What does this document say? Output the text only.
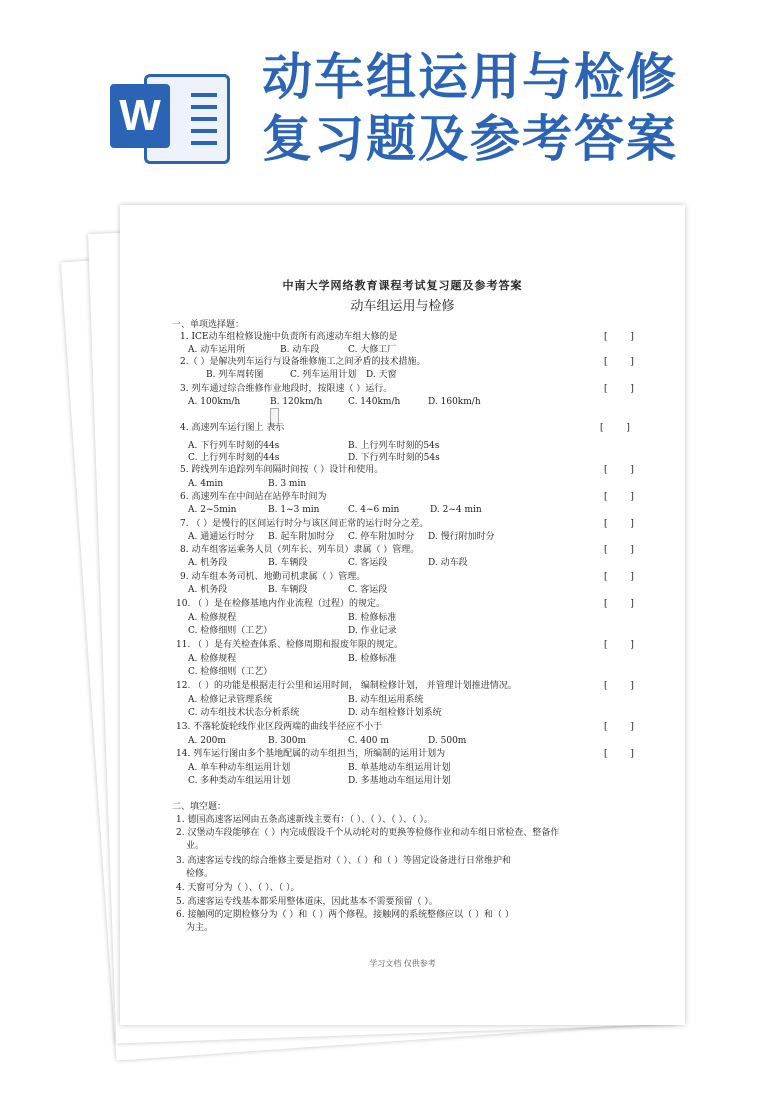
W
动车组运用与检修
复习题及参考答案
中南大学网络教育课程考试复习题及参考答案
动车组运用与检修
一、单项选择题：
1. ICE动车组检修设施中负责所有高速动车组大修的是	[        ]
A. 动车运用所	B. 动车段	C. 大修工厂
2.（ ）是解决列车运行与设备维修施工之间矛盾的技术措施。	[        ]
B. 列车周转图	C. 列车运用计划 D. 天窗
3. 列车通过综合维修作业地段时，按限速（ ）运行。	[        ]
A. 100km/h	B. 120km/h	C. 140km/h	D. 160km/h
4. 高速列车运行图上 表示	[        ]
A. 下行列车时刻的44s	B. 上行列车时刻的54s
C. 上行列车时刻的44s	D. 下行列车时刻的54s
5. 跨线列车追踪列车间隔时间按（ ）设计和使用。	[        ]
A. 4min	B. 3 min
6. 高速列车在中间站在站停车时间为	[        ]
A. 2~5min	B. 1~3 min	C. 4~6 min	D. 2~4 min
7. （ ）是慢行的区间运行时分与该区间正常的运行时分之差。	[        ]
A. 通通运行时分 B. 起车附加时分 C. 停车附加时分 D. 慢行附加时分
8. 动车组客运乘务人员（列车长、列车员）隶属（ ）管理。	[        ]
A. 机务段	B. 车辆段	C. 客运段	D. 动车段
9. 动车组本务司机、地勤司机隶属（ ）管理。	[        ]
A. 机务段	B. 车辆段	C. 客运段
10. （ ）是在检修基地内作业流程（过程）的规定。	[        ]
A. 检修规程	B. 检修标准
C. 检修细则（工艺）	D. 作业记录
11. （ ）是有关检查体系、检修周期和报废年限的规定。	[        ]
A. 检修规程	B. 检修标准
C. 检修细则（工艺）
12. （ ）的功能是根据走行公里和运用时间， 编制检修计划， 并管理计划推进情况。	[        ]
A. 检修记录管理系统	B. 动车组运用系统
C. 动车组技术状态分析系统	D. 动车组检修计划系统
13. 不落轮旋轮线作业区段两端的曲线半径应不小于	[        ]
A. 200m	B. 300m	C. 400 m	D. 500m
14. 列车运行图由多个基地配属的动车组担当，所编制的运用计划为	[        ]
A. 单车种动车组运用计划	B. 单基地动车组运用计划
C. 多种类动车组运用计划	D. 多基地动车组运用计划
二、填空题：
1. 德国高速客运网由五条高速新线主要有：（ ）、（ ）、（ ）、（ ）。
2. 汉堡动车段能够在（ ）内完成假设千个从动轮对的更换等检修作业和动车组日常检查、整备作
业。
3. 高速客运专线的综合维修主要是指对（ ）、（ ）和（ ）等固定设备进行日常维护和
检修。
4. 天窗可分为（ ）、（ ）、（ ）。
5. 高速客运专线基本都采用整体道床，因此基本不需要预留（ ）。
6. 接触网的定期检修分为（ ）和（ ）两个修程。接触网的系统整修应以（ ）和（ ）
为主。
学习文档 仅供参考
